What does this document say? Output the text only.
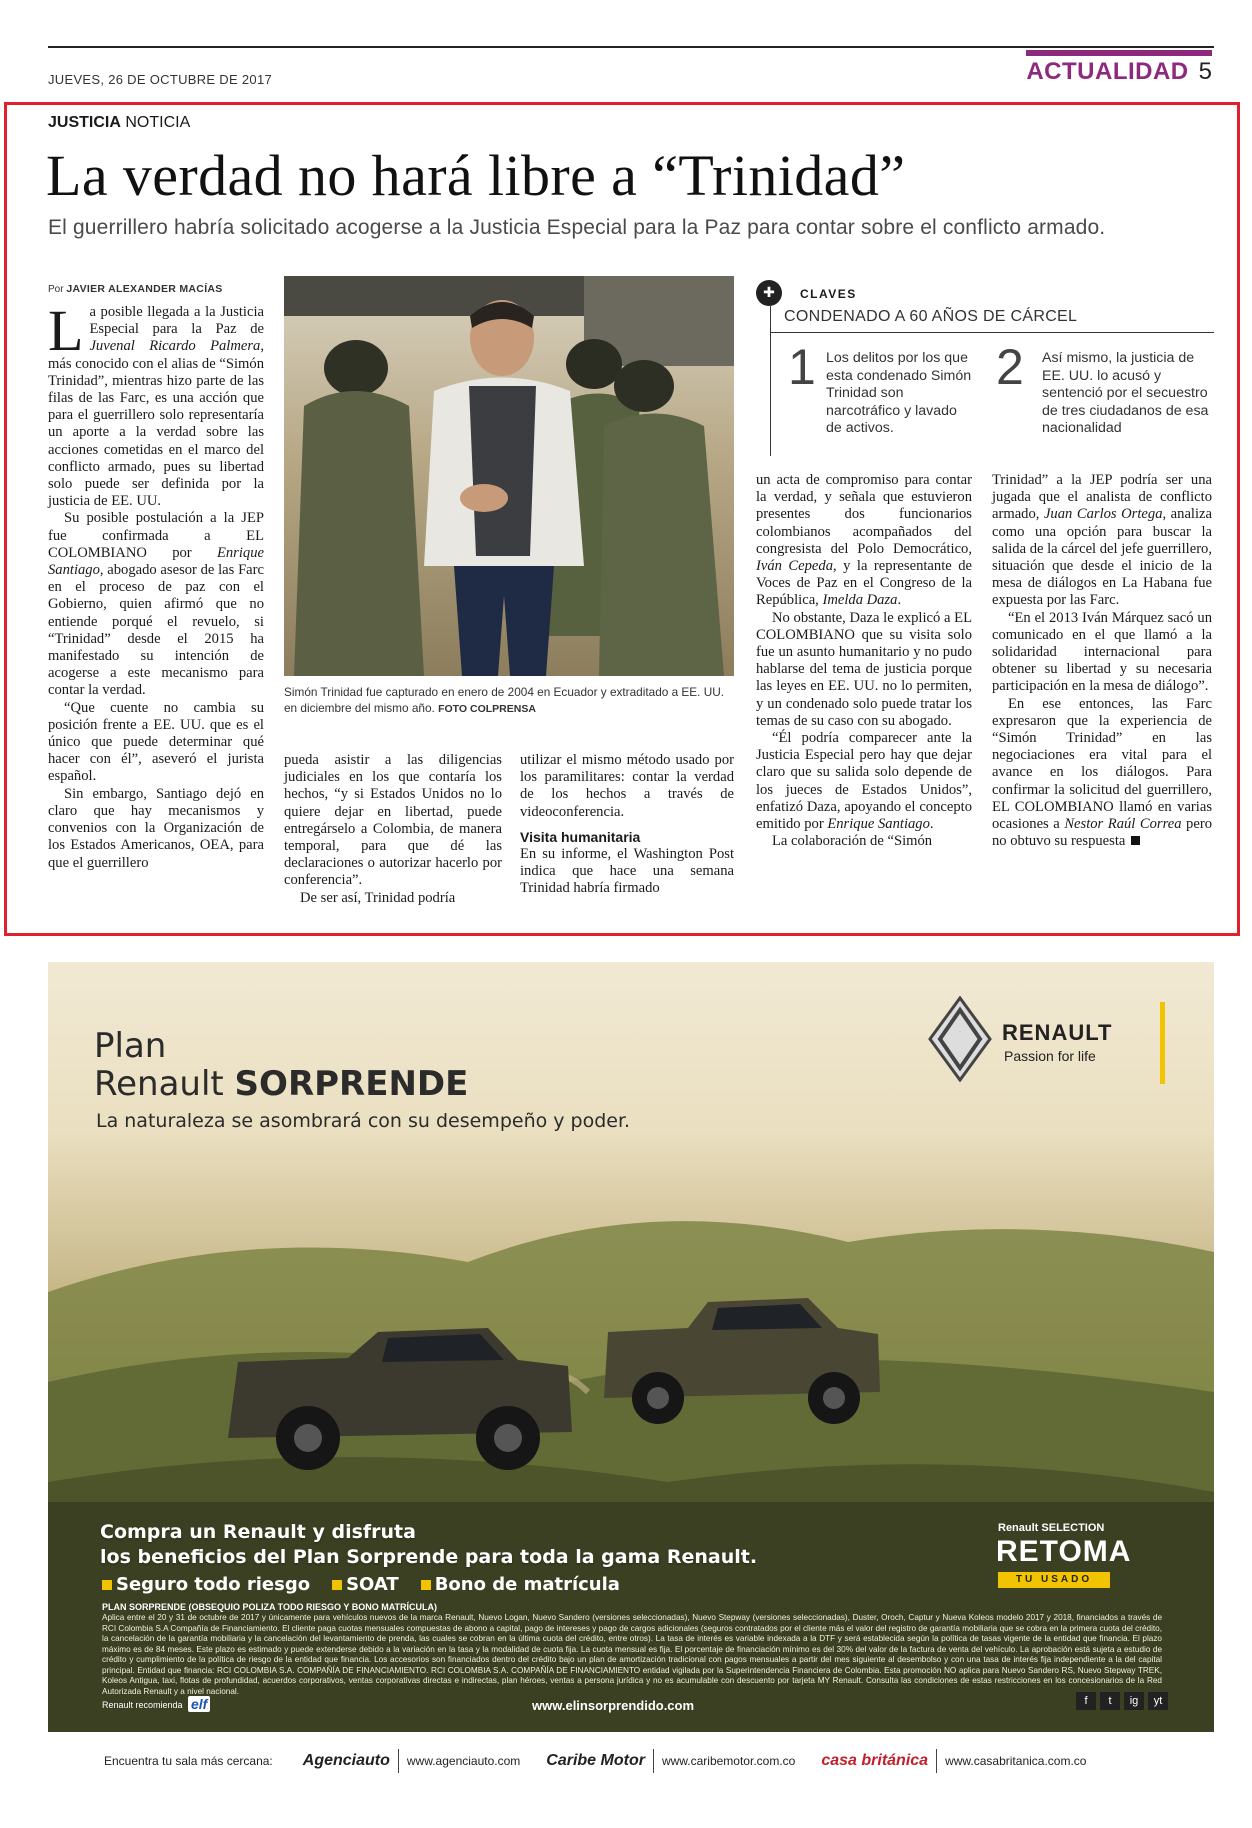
JUEVES, 26 DE OCTUBRE DE 2017	ACTUALIDAD 5
JUSTICIA NOTICIA
La verdad no hará libre a “Trinidad”
El guerrillero habría solicitado acogerse a la Justicia Especial para la Paz para contar sobre el conflicto armado.
Por JAVIER ALEXANDER MACÍAS

La posible llegada a la Justicia Especial para la Paz de Juvenal Ricardo Palmera, más conocido con el alias de “Simón Trinidad”, mientras hizo parte de las filas de las Farc, es una acción que para el guerrillero solo representaría un aporte a la verdad sobre las acciones cometidas en el marco del conflicto armado, pues su libertad solo puede ser definida por la justicia de EE. UU.

Su posible postulación a la JEP fue confirmada a EL COLOMBIANO por Enrique Santiago, abogado asesor de las Farc en el proceso de paz con el Gobierno, quien afirmó que no entiende porqué el revuelo, si “Trinidad” desde el 2015 ha manifestado su intención de acogerse a este mecanismo para contar la verdad.

“Que cuente no cambia su posición frente a EE. UU. que es el único que puede determinar qué hacer con él”, aseveró el jurista español.

Sin embargo, Santiago dejó en claro que hay mecanismos y convenios con la Organización de los Estados Americanos, OEA, para que el guerrillero

Simón Trinidad fue capturado en enero de 2004 en Ecuador y extraditado a EE. UU. en diciembre del mismo año. FOTO COLPRENSA

pueda asistir a las diligencias judiciales en los que contaría los hechos, “y si Estados Unidos no lo quiere dejar en libertad, puede entregárselo a Colombia, de manera temporal, para que dé las declaraciones o autorizar hacerlo por conferencia”.

De ser así, Trinidad podría

utilizar el mismo método usado por los paramilitares: contar la verdad de los hechos a través de videoconferencia.

Visita humanitaria

En su informe, el Washington Post indica que hace una semana Trinidad habría firmado

✚	CLAVES
CONDENADO A 60 AÑOS DE CÁRCEL
1 Los delitos por los que esta condenado Simón Trinidad son narcotráfico y lavado de activos.
2 Así mismo, la justicia de EE. UU. lo acusó y sentenció por el secuestro de tres ciudadanos de esa nacionalidad

un acta de compromiso para contar la verdad, y señala que estuvieron presentes dos funcionarios colombianos acompañados del congresista del Polo Democrático, Iván Cepeda, y la representante de Voces de Paz en el Congreso de la República, Imelda Daza.

No obstante, Daza le explicó a EL COLOMBIANO que su visita solo fue un asunto humanitario y no pudo hablarse del tema de justicia porque las leyes en EE. UU. no lo permiten, y un condenado solo puede tratar los temas de su caso con su abogado.

“Él podría comparecer ante la Justicia Especial pero hay que dejar claro que su salida solo depende de los jueces de Estados Unidos”, enfatizó Daza, apoyando el concepto emitido por Enrique Santiago.

La colaboración de “Simón

Trinidad” a la JEP podría ser una jugada que el analista de conflicto armado, Juan Carlos Ortega, analiza como una opción para buscar la salida de la cárcel del jefe guerrillero, situación que desde el inicio de la mesa de diálogos en La Habana fue expuesta por las Farc.

“En el 2013 Iván Márquez sacó un comunicado en el que llamó a la solidaridad internacional para obtener su libertad y su necesaria participación en la mesa de diálogo”.

En ese entonces, las Farc expresaron que la experiencia de “Simón Trinidad” en las negociaciones era vital para el avance en los diálogos. Para confirmar la solicitud del guerrillero, EL COLOMBIANO llamó en varias ocasiones a Nestor Raúl Correa pero no obtuvo su respuesta

Plan
Renault SORPRENDE
La naturaleza se asombrará con su desempeño y poder.
RENAULT
Passion for life
Compra un Renault y disfruta
los beneficios del Plan Sorprende para toda la gama Renault.
Seguro todo riesgo	SOAT	Bono de matrícula
Renault SELECTION
RETOMA
TU USADO
PLAN SORPRENDE (OBSEQUIO POLIZA TODO RIESGO Y BONO MATRÍCULA)
Aplica entre el 20 y 31 de octubre de 2017 y únicamente para vehículos nuevos de la marca Renault, Nuevo Logan, Nuevo Sandero (versiones seleccionadas), Nuevo Stepway (versiones seleccionadas), Duster, Oroch, Captur y Nueva Koleos modelo 2017 y 2018, financiados a través de RCI Colombia S.A Compañía de Financiamiento. El cliente paga cuotas mensuales compuestas de abono a capital, pago de intereses y pago de cargos adicionales (seguros contratados por el cliente más el valor del registro de garantía mobiliaria que se cobra en la primera cuota del crédito, la cancelación de la garantía mobiliaria y la cancelación del levantamiento de prenda, las cuales se cobran en la última cuota del crédito, entre otros). La tasa de interés es variable indexada a la DTF y será establecida según la política de tasas vigente de la entidad que financia. El plazo máximo es de 84 meses. Este plazo es estimado y puede extenderse debido a la variación en la tasa y la modalidad de cuota fija. La cuota mensual es fija. El porcentaje de financiación mínimo es del 30% del valor de la factura de venta del vehículo. La aprobación está sujeta a estudio de crédito y cumplimiento de la política de riesgo de la entidad que financia. Los accesorios son financiados dentro del crédito bajo un plan de amortización tradicional con pagos mensuales a partir del mes siguiente al desembolso y con una tasa de interés fija independiente a la del capital principal. Entidad que financia: RCI COLOMBIA S.A. COMPAÑÍA DE FINANCIAMIENTO. RCI COLOMBIA S.A. COMPAÑÍA DE FINANCIAMIENTO entidad vigilada por la Superintendencia Financiera de Colombia. Esta promoción NO aplica para Nuevo Sandero RS, Nuevo Stepway TREK, Koleos Antigua, taxi, flotas de profundidad, acuerdos corporativos, ventas corporativas directas e indirectas, plan héroes, ventas a persona jurídica y no es acumulable con descuento por tarjeta MY Renault. Consulta las condiciones de estas restricciones en los concesionarios de la Red Autorizada Renault y a nivel nacional.
Renault recomienda elf	www.elinsorprendido.com	f	t	ig	yt
Encuentra tu sala más cercana: Agenciauto www.agenciauto.com Caribe Motor www.caribemotor.com.co casa británica www.casabritanica.com.co
